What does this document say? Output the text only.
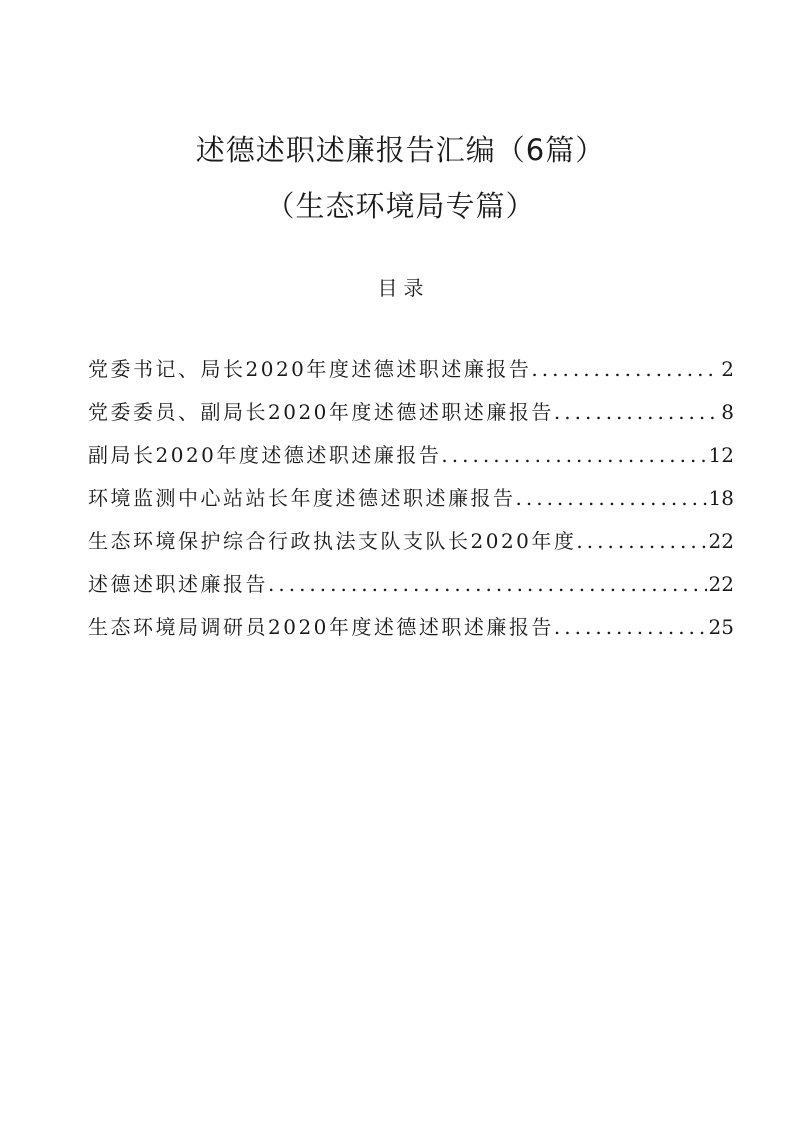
述德述职述廉报告汇编（6篇）
（生态环境局专篇）
目录
党委书记、局长2020年度述德述职述廉报告 .....	2
党委委员、副局长2020年度述德述职述廉报告 .....	8
副局长2020年度述德述职述廉报告 .....	12
环境监测中心站站长年度述德述职述廉报告 .....	18
生态环境保护综合行政执法支队支队长2020年度 .....	22
述德述职述廉报告 .....	22
生态环境局调研员2020年度述德述职述廉报告 .....	25
